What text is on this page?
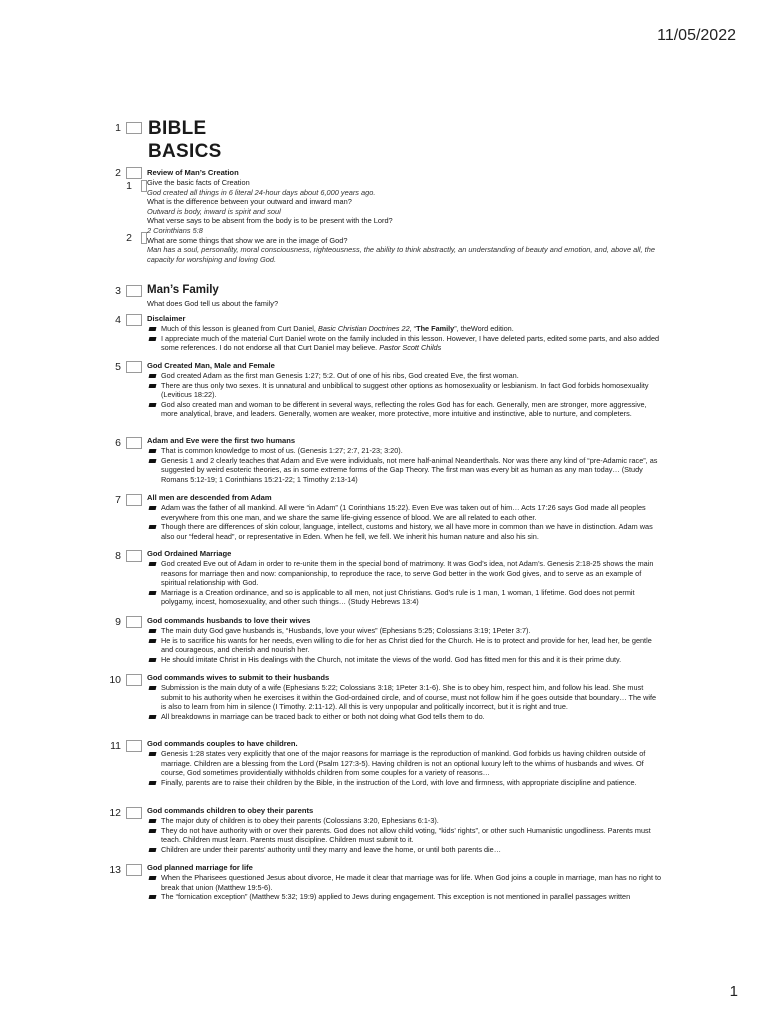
11/05/2022
1 BIBLE
BASICS
2
1
2
Review of Man’s Creation
Give the basic facts of Creation
God created all things in 6 literal 24-hour days about 6,000 years ago.
What is the difference between your outward and inward man?
Outward is body, inward is spirit and soul
What verse says to be absent from the body is to be present with the Lord?
2 Corinthians 5:8
What are some things that show we are in the image of God?
Man has a soul, personality, moral consciousness, righteousness, the ability to think abstractly, an understanding of beauty and emotion, and, above all, the capacity for worshiping and loving God.
3 Man’s Family
What does God tell us about the family?
4	Disclaimer
Much of this lesson is gleaned from Curt Daniel, Basic Christian Doctrines 22, “The Family”, theWord edition.
I appreciate much of the material Curt Daniel wrote on the family included in this lesson. However, I have deleted parts, edited some parts, and also added some references. I do not endorse all that Curt Daniel may believe. Pastor Scott Childs
5	God Created Man, Male and Female
God created Adam as the first man Genesis 1:27; 5:2. Out of one of his ribs, God created Eve, the first woman.
There are thus only two sexes. It is unnatural and unbiblical to suggest other options as homosexuality or lesbianism. In fact God forbids homosexuality (Leviticus 18:22).
God also created man and woman to be different in several ways, reflecting the roles God has for each. Generally, men are stronger, more aggressive, more analytical, brave, and leaders. Generally, women are weaker, more protective, more intuitive and instinctive, able to nurture, and completers.
6	Adam and Eve were the first two humans
That is common knowledge to most of us. (Genesis 1:27; 2:7, 21-23; 3:20).
Genesis 1 and 2 clearly teaches that Adam and Eve were individuals, not mere half-animal Neanderthals. Nor was there any kind of “pre-Adamic race”, as suggested by weird esoteric theories, as in some extreme forms of the Gap Theory. The first man was every bit as human as any man today… (Study Romans 5:12-19; 1 Corinthians 15:21-22; 1 Timothy 2:13-14)
7	All men are descended from Adam
Adam was the father of all mankind. All were “in Adam” (1 Corinthians 15:22). Even Eve was taken out of him… Acts 17:26 says God made all peoples everywhere from this one man, and we share the same life-giving essence of blood. We are all related to each other.
Though there are differences of skin colour, language, intellect, customs and history, we all have more in common than we have in distinction. Adam was also our “federal head”, or representative in Eden. When he fell, we fell. We inherit his human nature and also his sin.
8	God Ordained Marriage
God created Eve out of Adam in order to re-unite them in the special bond of matrimony. It was God’s idea, not Adam’s. Genesis 2:18-25 shows the main reasons for marriage then and now: companionship, to reproduce the race, to serve God better in the work God gives, and to serve as an example of spiritual relationship with God.
Marriage is a Creation ordinance, and so is applicable to all men, not just Christians. God’s rule is 1 man, 1 woman, 1 lifetime. God does not permit polygamy, incest, homosexuality, and other such things… (Study Hebrews 13:4)
9	God commands husbands to love their wives
The main duty God gave husbands is, “Husbands, love your wives” (Ephesians 5:25; Colossians 3:19; 1Peter 3:7).
He is to sacrifice his wants for her needs, even willing to die for her as Christ died for the Church. He is to protect and provide for her, lead her, be gentle and courageous, and cherish and nourish her.
He should imitate Christ in His dealings with the Church, not imitate the views of the world. God has fitted men for this and it is their prime duty.
10	God commands wives to submit to their husbands
Submission is the main duty of a wife (Ephesians 5:22; Colossians 3:18; 1Peter 3:1-6). She is to obey him, respect him, and follow his lead. She must submit to his authority when he exercises it within the God-ordained circle, and of course, must not follow him if he goes outside that boundary… The wife is also to learn from him in silence (I Timothy. 2:11-12). All this is very unpopular and politically incorrect, but it is right and true.
All breakdowns in marriage can be traced back to either or both not doing what God tells them to do.
11	God commands couples to have children.
Genesis 1:28 states very explicitly that one of the major reasons for marriage is the reproduction of mankind. God forbids us having children outside of marriage. Children are a blessing from the Lord (Psalm 127:3-5). Having children is not an optional luxury left to the whims of husbands and wives. Of course, God sometimes providentially withholds children from some couples for a variety of reasons…
Finally, parents are to raise their children by the Bible, in the instruction of the Lord, with love and firmness, with appropriate discipline and patience.
12	God commands children to obey their parents
The major duty of children is to obey their parents (Colossians 3:20, Ephesians 6:1-3).
They do not have authority with or over their parents. God does not allow child voting, “kids’ rights”, or other such Humanistic ungodliness. Parents must teach. Children must learn. Parents must discipline. Children must submit to it.
Children are under their parents’ authority until they marry and leave the home, or until both parents die…
13	God planned marriage for life
When the Pharisees questioned Jesus about divorce, He made it clear that marriage was for life. When God joins a couple in marriage, man has no right to break that union (Matthew 19:5-6).
The “fornication exception” (Matthew 5:32; 19:9) applied to Jews during engagement. This exception is not mentioned in parallel passages written
1
